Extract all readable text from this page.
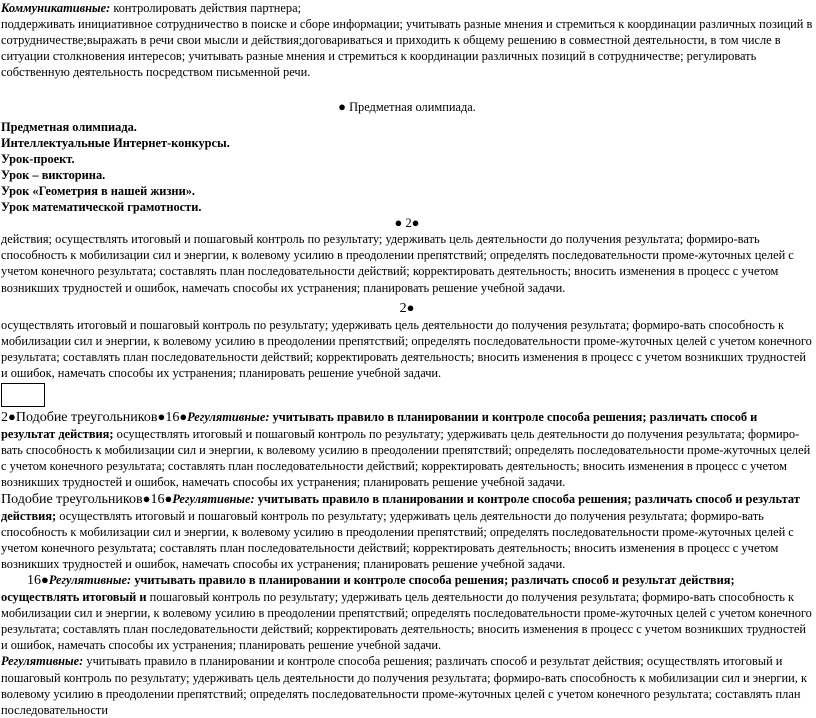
Коммуникативные: контролировать действия партнера;

поддерживать инициативное сотрудничество в поиске и сборе информации; учитывать разные мнения и стремиться к координации различных позиций в сотрудничестве;выражать в речи свои мысли и действия;договариваться и приходить к общему решению в совместной деятельности, в том числе в ситуации столкновения интересов; учитывать разные мнения и стремиться к координации различных позиций в сотрудничестве; регулировать собственную деятельность посредством письменной речи.

● Предметная олимпиада.

Предметная олимпиада.

Интеллектуальные Интернет-конкурсы.

Урок-проект.

Урок – викторина.

Урок «Геометрия в нашей жизни».

Урок математической грамотности.

● 2●

действия; осуществлять итоговый и пошаговый контроль по результату; удерживать цель деятельности до получения результата; формиро-вать способность к мобилизации сил и энергии, к волевому усилию в преодолении препятствий; определять последовательности проме-жуточных целей с учетом конечного результата; составлять план последовательности действий; корректировать деятельность; вносить изменения в процесс с учетом возникших трудностей и ошибок, намечать способы их устранения; планировать решение учебной задачи.

2●

осуществлять итоговый и пошаговый контроль по результату; удерживать цель деятельности до получения результата; формиро-вать способность к мобилизации сил и энергии, к волевому усилию в преодолении препятствий; определять последовательности проме-жуточных целей с учетом конечного результата; составлять план последовательности действий; корректировать деятельность; вносить изменения в процесс с учетом возникших трудностей и ошибок, намечать способы их устранения; планировать решение учебной задачи.

2●Подобие треугольников●16●Регулятивные: учитывать правило в планировании и контроле способа решения; различать способ и результат действия; осуществлять итоговый и пошаговый контроль по результату; удерживать цель деятельности до получения результата; формиро-вать способность к мобилизации сил и энергии, к волевому усилию в преодолении препятствий; определять последовательности проме-жуточных целей с учетом конечного результата; составлять план последовательности действий; корректировать деятельность; вносить изменения в процесс с учетом возникших трудностей и ошибок, намечать способы их устранения; планировать решение учебной задачи.

Подобие треугольников●16●Регулятивные: учитывать правило в планировании и контроле способа решения; различать способ и результат действия; осуществлять итоговый и пошаговый контроль по результату; удерживать цель деятельности до получения результата; формиро-вать способность к мобилизации сил и энергии, к волевому усилию в преодолении препятствий; определять последовательности проме-жуточных целей с учетом конечного результата; составлять план последовательности действий; корректировать деятельность; вносить изменения в процесс с учетом возникших трудностей и ошибок, намечать способы их устранения; планировать решение учебной задачи.

16●Регулятивные: учитывать правило в планировании и контроле способа решения; различать способ и результат действия; осуществлять итоговый и пошаговый контроль по результату; удерживать цель деятельности до получения результата; формиро-вать способность к мобилизации сил и энергии, к волевому усилию в преодолении препятствий; определять последовательности проме-жуточных целей с учетом конечного результата; составлять план последовательности действий; корректировать деятельность; вносить изменения в процесс с учетом возникших трудностей и ошибок, намечать способы их устранения; планировать решение учебной задачи.

Регулятивные: учитывать правило в планировании и контроле способа решения; различать способ и результат действия; осуществлять итоговый и пошаговый контроль по результату; удерживать цель деятельности до получения результата; формиро-вать способность к мобилизации сил и энергии, к волевому усилию в преодолении препятствий; определять последовательности проме-жуточных целей с учетом конечного результата; составлять план последовательности
